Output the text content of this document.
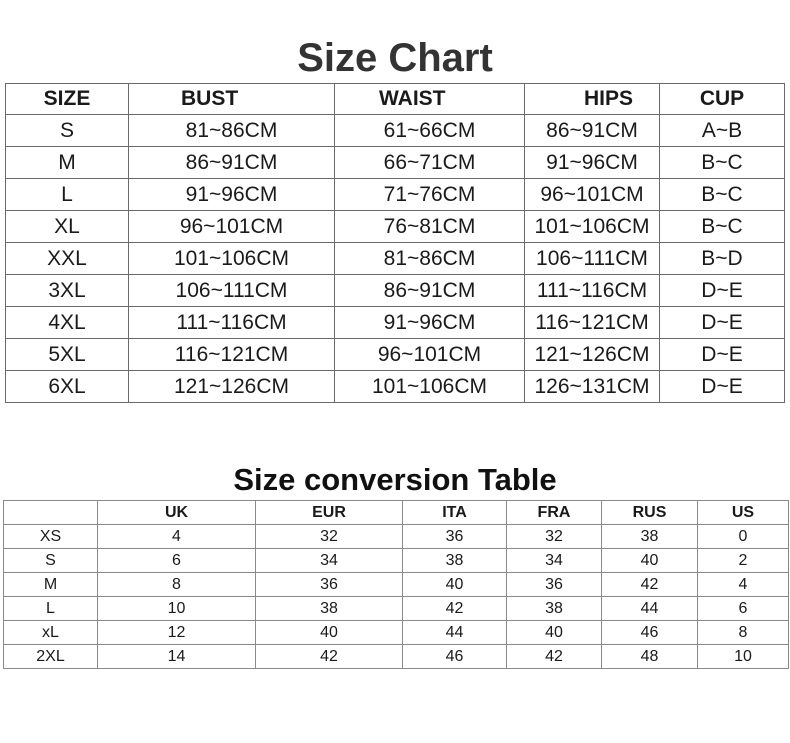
Size Chart
SIZE	BUST	WAIST	HIPS	CUP
S	81~86CM	61~66CM	86~91CM	A~B
M	86~91CM	66~71CM	91~96CM	B~C
L	91~96CM	71~76CM	96~101CM	B~C
XL	96~101CM	76~81CM	101~106CM	B~C
XXL	101~106CM	81~86CM	106~111CM	B~D
3XL	106~111CM	86~91CM	111~116CM	D~E
4XL	111~116CM	91~96CM	116~121CM	D~E
5XL	116~121CM	96~101CM	121~126CM	D~E
6XL	121~126CM	101~106CM	126~131CM	D~E
Size conversion Table
	UK	EUR	ITA	FRA	RUS	US
XS	4	32	36	32	38	0
S	6	34	38	34	40	2
M	8	36	40	36	42	4
L	10	38	42	38	44	6
xL	12	40	44	40	46	8
2XL	14	42	46	42	48	10
